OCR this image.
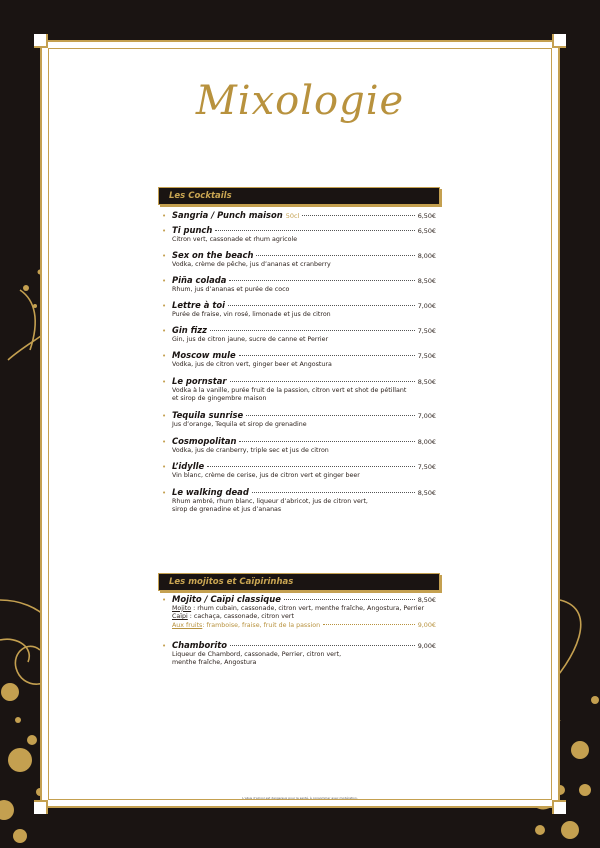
Mixologie
Les Cocktails
• Sangria / Punch maison 50cl	6,50€
• Ti punch	6,50€
Citron vert, cassonade et rhum agricole
• Sex on the beach	8,00€
Vodka, crème de pêche, jus d’ananas et cranberry
• Piña colada	8,50€
Rhum, jus d’ananas et purée de coco
• Lettre à toi	7,00€
Purée de fraise, vin rosé, limonade et jus de citron
• Gin fizz	7,50€
Gin, jus de citron jaune, sucre de canne et Perrier
• Moscow mule	7,50€
Vodka, jus de citron vert, ginger beer et Angostura
• Le pornstar	8,50€
Vodka à la vanille, purée fruit de la passion, citron vert et shot de pétillant
et sirop de gingembre maison
• Tequila sunrise	7,00€
Jus d’orange, Tequila et sirop de grenadine
• Cosmopolitan	8,00€
Vodka, jus de cranberry, triple sec et jus de citron
• L’idylle	7,50€
Vin blanc, crème de cerise, jus de citron vert et ginger beer
• Le walking dead	8,50€
Rhum ambré, rhum blanc, liqueur d’abricot, jus de citron vert,
sirop de grenadine et jus d’ananas
Les mojitos et Caïpirinhas
• Mojito / Caïpi classique	8,50€
Mojito : rhum cubain, cassonade, citron vert, menthe fraîche, Angostura, Perrier
Caïpi : cachaça, cassonade, citron vert
Aux fruits : framboise, fraise, fruit de la passion	9,00€
• Chamborito	9,00€
Liqueur de Chambord, cassonade, Perrier, citron vert,
menthe fraîche, Angostura
L’abus d’alcool est dangereux pour la santé, à consommer avec modération.
